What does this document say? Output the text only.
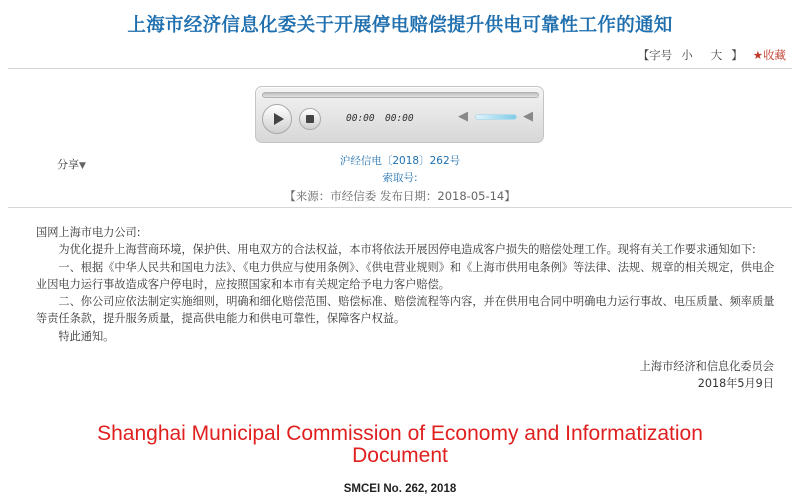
上海市经济信息化委关于开展停电赔偿提升供电可靠性工作的通知
【字号 小 大 】 ★收藏
00:00 00:00	◀	◀
分享▼	沪经信电〔2018〕262号
索取号:
【来源：市经信委 发布日期：2018-05-14】

国网上海市电力公司:

　　为优化提升上海营商环境，保护供、用电双方的合法权益，本市将依法开展因停电造成客户损失的赔偿处理工作。现将有关工作要求通知如下:

　　一、根据《中华人民共和国电力法》、《电力供应与使用条例》、《供电营业规则》和《上海市供用电条例》等法律、法规、规章的相关规定，供电企业因电力运行事故造成客户停电时，应按照国家和本市有关规定给予电力客户赔偿。

　　二、你公司应依法制定实施细则，明确和细化赔偿范围、赔偿标准、赔偿流程等内容，并在供用电合同中明确电力运行事故、电压质量、频率质量等责任条款，提升服务质量，提高供电能力和供电可靠性，保障客户权益。

　　特此通知。

上海市经济和信息化委员会
2018年5月9日
Shanghai Municipal Commission of Economy and Informatization
Document
SMCEI No. 262, 2018
